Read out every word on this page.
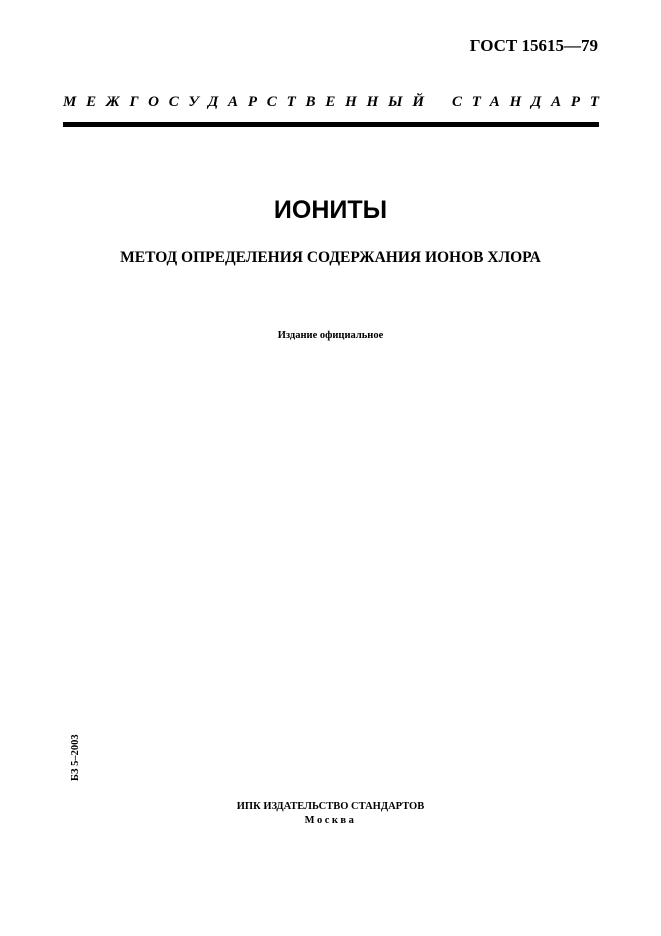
ГОСТ 15615—79
МЕЖГОСУДАРСТВЕННЫЙ СТАНДАРТ
ИОНИТЫ
МЕТОД ОПРЕДЕЛЕНИЯ СОДЕРЖАНИЯ ИОНОВ ХЛОРА
Издание официальное
БЗ 5–2003
ИПК ИЗДАТЕЛЬСТВО СТАНДАРТОВ
Москва
